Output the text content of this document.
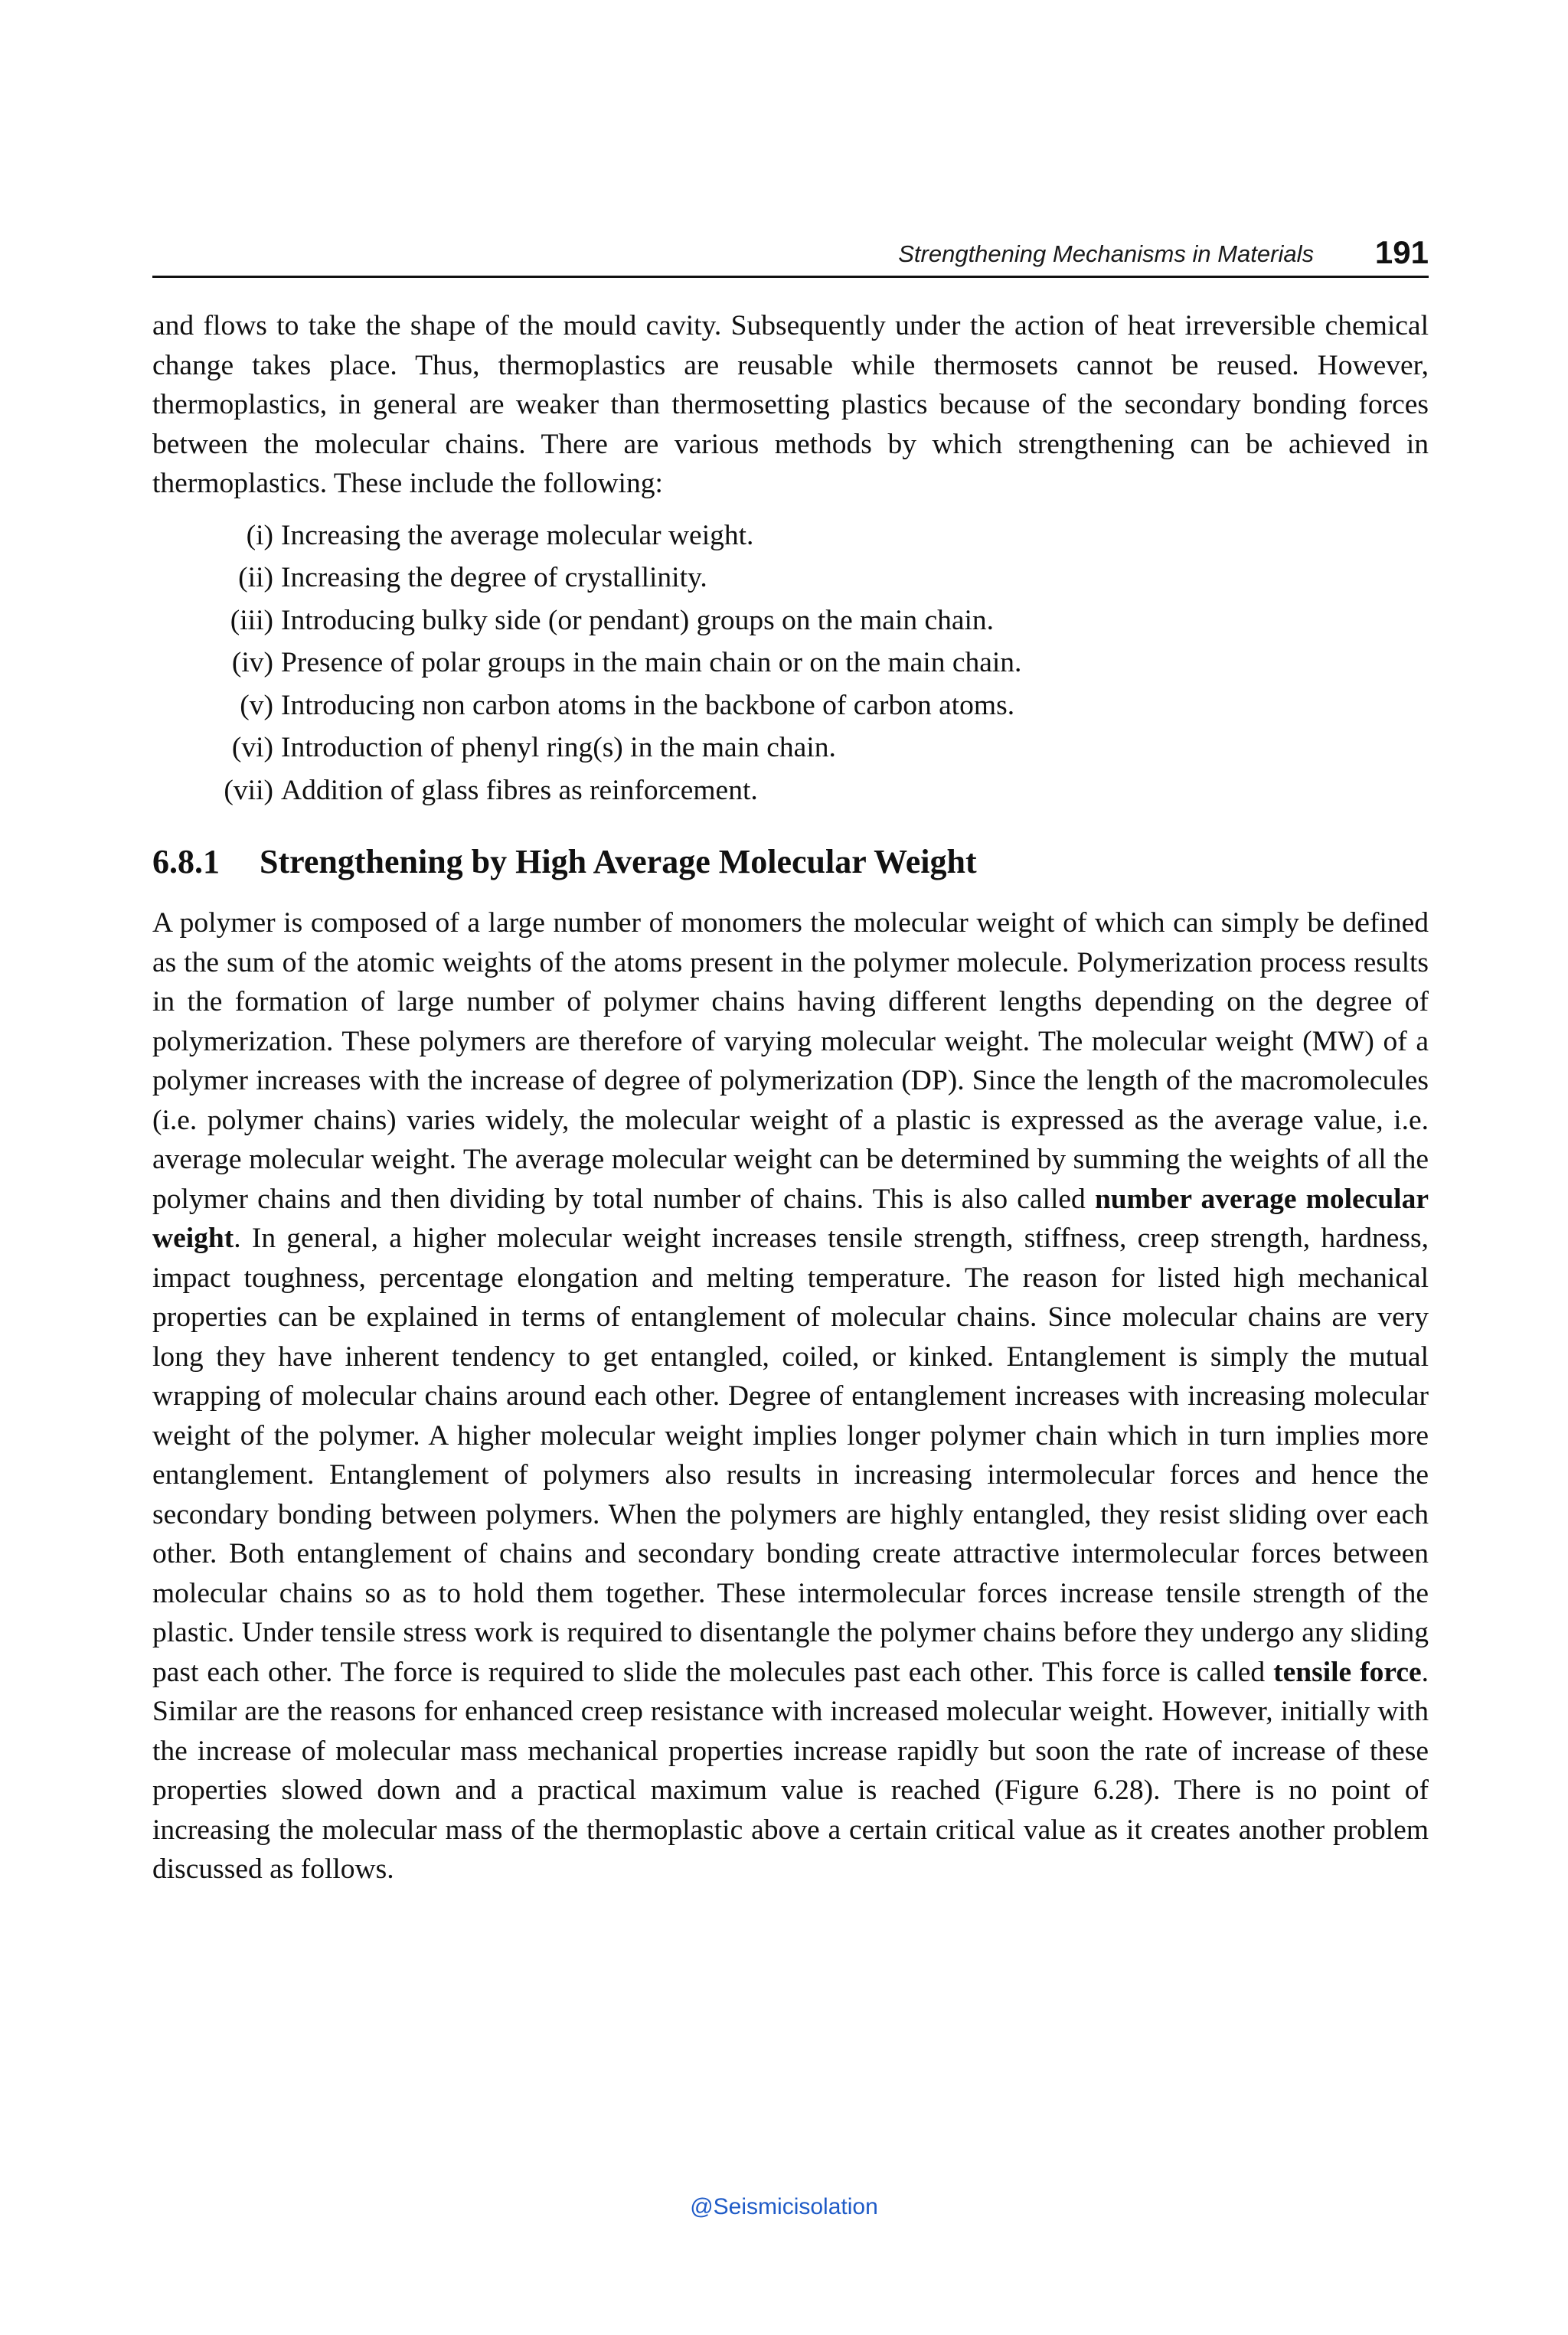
Strengthening Mechanisms in Materials 191

and flows to take the shape of the mould cavity. Subsequently under the action of heat irreversible chemical change takes place. Thus, thermoplastics are reusable while thermosets cannot be reused. However, thermoplastics, in general are weaker than thermosetting plastics because of the secondary bonding forces between the molecular chains. There are various methods by which strengthening can be achieved in thermoplastics. These include the following:

(i) Increasing the average molecular weight.
(ii) Increasing the degree of crystallinity.
(iii) Introducing bulky side (or pendant) groups on the main chain.
(iv) Presence of polar groups in the main chain or on the main chain.
(v) Introducing non carbon atoms in the backbone of carbon atoms.
(vi) Introduction of phenyl ring(s) in the main chain.
(vii) Addition of glass fibres as reinforcement.
6.8.1 Strengthening by High Average Molecular Weight

A polymer is composed of a large number of monomers the molecular weight of which can simply be defined as the sum of the atomic weights of the atoms present in the polymer molecule. Polymerization process results in the formation of large number of polymer chains having different lengths depending on the degree of polymerization. These polymers are therefore of varying molecular weight. The molecular weight (MW) of a polymer increases with the increase of degree of polymerization (DP). Since the length of the macromolecules (i.e. polymer chains) varies widely, the molecular weight of a plastic is expressed as the average value, i.e. average molecular weight. The average molecular weight can be determined by summing the weights of all the polymer chains and then dividing by total number of chains. This is also called number average molecular weight. In general, a higher molecular weight increases tensile strength, stiffness, creep strength, hardness, impact toughness, percentage elongation and melting temperature. The reason for listed high mechanical properties can be explained in terms of entanglement of molecular chains. Since molecular chains are very long they have inherent tendency to get entangled, coiled, or kinked. Entanglement is simply the mutual wrapping of molecular chains around each other. Degree of entanglement increases with increasing molecular weight of the polymer. A higher molecular weight implies longer polymer chain which in turn implies more entanglement. Entanglement of polymers also results in increasing intermolecular forces and hence the secondary bonding between polymers. When the polymers are highly entangled, they resist sliding over each other. Both entanglement of chains and secondary bonding create attractive intermolecular forces between molecular chains so as to hold them together. These intermolecular forces increase tensile strength of the plastic. Under tensile stress work is required to disentangle the polymer chains before they undergo any sliding past each other. The force is required to slide the molecules past each other. This force is called tensile force. Similar are the reasons for enhanced creep resistance with increased molecular weight. However, initially with the increase of molecular mass mechanical properties increase rapidly but soon the rate of increase of these properties slowed down and a practical maximum value is reached (Figure 6.28). There is no point of increasing the molecular mass of the thermoplastic above a certain critical value as it creates another problem discussed as follows.

@Seismicisolation
